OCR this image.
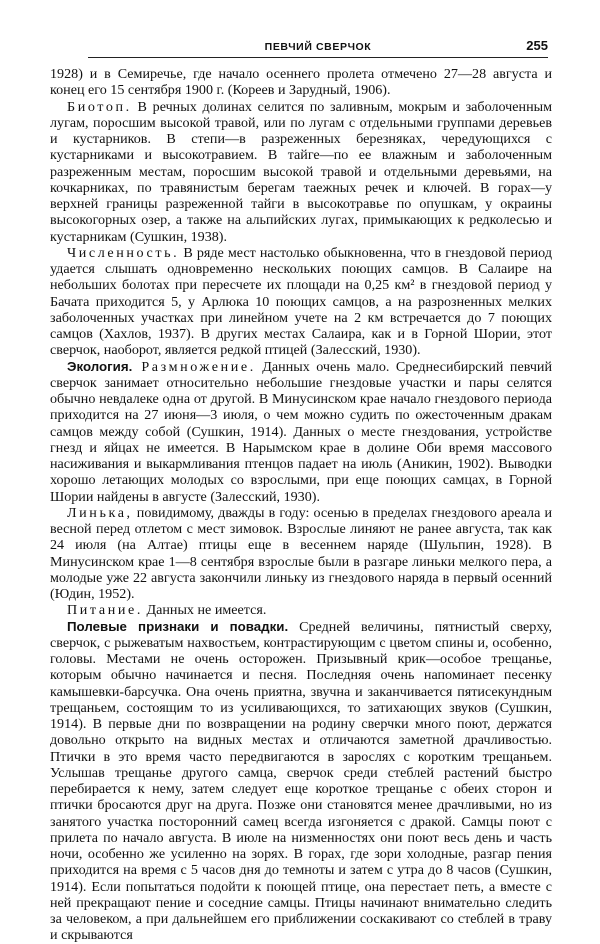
ПЕВЧИЙ СВЕРЧОК	255

1928) и в Семиречье, где начало осеннего пролета отмечено 27—28 августа и конец его 15 сентября 1900 г. (Кореев и Зарудный, 1906).

Биотоп. В речных долинах селится по заливным, мокрым и заболоченным лугам, поросшим высокой травой, или по лугам с отдельными группами деревьев и кустарников. В степи—в разреженных березняках, чередующихся с кустарниками и высокотравием. В тайге—по ее влажным и заболоченным разреженным местам, поросшим высокой травой и отдельными деревьями, на кочкарниках, по травянистым берегам таежных речек и ключей. В горах—у верхней границы разреженной тайги в высокотравье по опушкам, у окраины высокогорных озер, а также на альпийских лугах, примыкающих к редколесью и кустарникам (Сушкин, 1938).

Численность. В ряде мест настолько обыкновенна, что в гнездовой период удается слышать одновременно нескольких поющих самцов. В Салаире на небольших болотах при пересчете их площади на 0,25 км² в гнездовой период у Бачата приходится 5, у Арлюка 10 поющих самцов, а на разрозненных мелких заболоченных участках при линейном учете на 2 км встречается до 7 поющих самцов (Хахлов, 1937). В других местах Салаира, как и в Горной Шории, этот сверчок, наоборот, является редкой птицей (Залесский, 1930).

Экология. Размножение. Данных очень мало. Среднесибирский певчий сверчок занимает относительно небольшие гнездовые участки и пары селятся обычно невдалеке одна от другой. В Минусинском крае начало гнездового периода приходится на 27 июня—3 июля, о чем можно судить по ожесточенным дракам самцов между собой (Сушкин, 1914). Данных о месте гнездования, устройстве гнезд и яйцах не имеется. В Нарымском крае в долине Оби время массового насиживания и выкармливания птенцов падает на июль (Аникин, 1902). Выводки хорошо летающих молодых со взрослыми, при еще поющих самцах, в Горной Шории найдены в августе (Залесский, 1930).

Линька, повидимому, дважды в году: осенью в пределах гнездового ареала и весной перед отлетом с мест зимовок. Взрослые линяют не ранее августа, так как 24 июля (на Алтае) птицы еще в весеннем наряде (Шульпин, 1928). В Минусинском крае 1—8 сентября взрослые были в разгаре линьки мелкого пера, а молодые уже 22 августа закончили линьку из гнездового наряда в первый осенний (Юдин, 1952).

Питание. Данных не имеется.

Полевые признаки и повадки. Средней величины, пятнистый сверху, сверчок, с рыжеватым нахвостьем, контрастирующим с цветом спины и, особенно, головы. Местами не очень осторожен. Призывный крик—особое трещанье, которым обычно начинается и песня. Последняя очень напоминает песенку камышевки-барсучка. Она очень приятна, звучна и заканчивается пятисекундным трещаньем, состоящим то из усиливающихся, то затихающих звуков (Сушкин, 1914). В первые дни по возвращении на родину сверчки много поют, держатся довольно открыто на видных местах и отличаются заметной драчливостью. Птички в это время часто передвигаются в зарослях с коротким трещаньем. Услышав трещанье другого самца, сверчок среди стеблей растений быстро перебирается к нему, затем следует еще короткое трещанье с обеих сторон и птички бросаются друг на друга. Позже они становятся менее драчливыми, но из занятого участка посторонний самец всегда изгоняется с дракой. Самцы поют с прилета по начало августа. В июле на низменностях они поют весь день и часть ночи, особенно же усиленно на зорях. В горах, где зори холодные, разгар пения приходится на время с 5 часов дня до темноты и затем с утра до 8 часов (Сушкин, 1914). Если попытаться подойти к поющей птице, она перестает петь, а вместе с ней прекращают пение и соседние самцы. Птицы начинают внимательно следить за человеком, а при дальнейшем его приближении соскакивают со стеблей в траву и скрываются
